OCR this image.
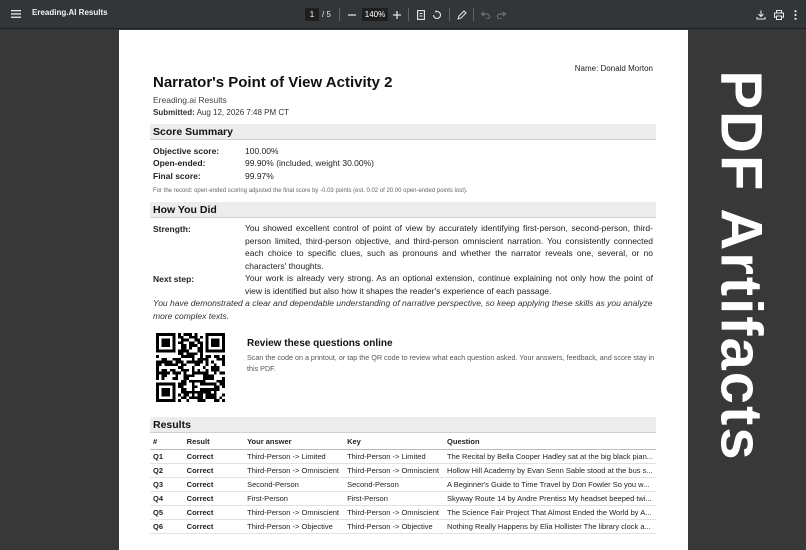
Ereading.AI Results	1 / 5	140%
PDF Artifacts
Name: Donald Morton
Narrator's Point of View Activity 2
Ereading.ai Results
Submitted: Aug 12, 2026 7:48 PM CT
Score Summary
Objective score:	100.00%
Open-ended:	99.90% (included, weight 30.00%)
Final score:	99.97%
For the record: open-ended scoring adjusted the final score by -0.03 points (est. 0.02 of 20.00 open-ended points lost).
How You Did
Strength:	You showed excellent control of point of view by accurately identifying first-person, second-person, third-person limited, third-person objective, and third-person omniscient narration. You consistently connected each choice to specific clues, such as pronouns and whether the narrator reveals one, several, or no characters' thoughts.
Next step:	Your work is already very strong. As an optional extension, continue explaining not only how the point of view is identified but also how it shapes the reader's experience of each passage.
You have demonstrated a clear and dependable understanding of narrative perspective, so keep applying these skills as you analyze more complex texts.
Review these questions online
Scan the code on a printout, or tap the QR code to review what each question asked. Your answers, feedback, and score stay in this PDF.
Results
#	Result	Your answer	Key	Question
Q1	Correct	Third-Person -> Limited	Third-Person -> Limited	The Recital by Bella Cooper Hadley sat at the big black pian...
Q2	Correct	Third-Person -> Omniscient	Third-Person -> Omniscient	Hollow Hill Academy by Evan Senn Sable stood at the bus s...
Q3	Correct	Second-Person	Second-Person	A Beginner's Guide to Time Travel by Don Fowler So you w...
Q4	Correct	First-Person	First-Person	Skyway Route 14 by Andre Prentiss My headset beeped twi...
Q5	Correct	Third-Person -> Omniscient	Third-Person -> Omniscient	The Science Fair Project That Almost Ended the World by A...
Q6	Correct	Third-Person -> Objective	Third-Person -> Objective	Nothing Really Happens by Elia Hollister The library clock a...
